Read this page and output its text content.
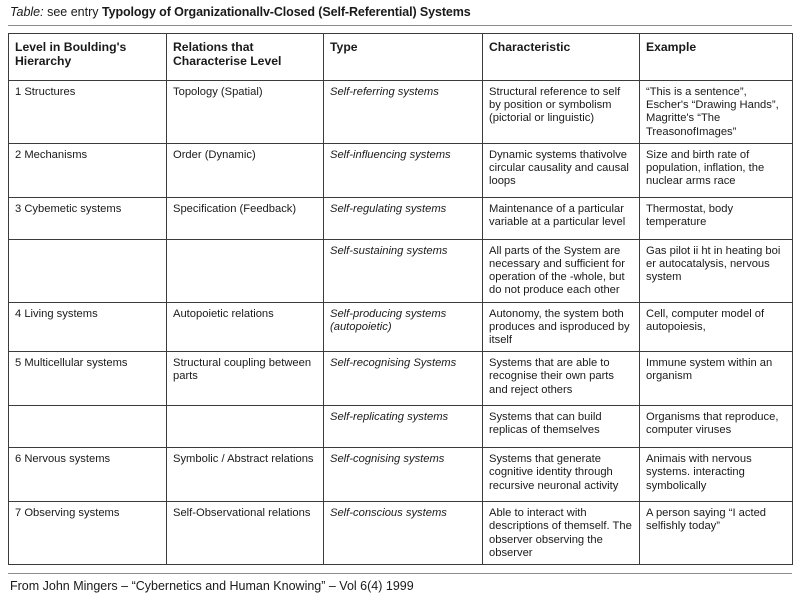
Table: see entry Typology of Organizationallv-Closed (Self-Referential) Systems
Level in Boulding's Hierarchy	Relations that Characterise Level	Type	Characteristic	Example
1 Structures	Topology (Spatial)	Self-referring systems	Structural reference to self by position or symbolism (pictorial or linguistic)	“This is a sentence”, Escher's “Drawing Hands”, Magritte's “The TreasonofImages”
2 Mechanisms	Order (Dynamic)	Self-influencing systems	Dynamic systems thativolve circular causality and causal loops	Size and birth rate of population, inflation, the nuclear arms race
3 Cybemetic systems	Specification (Feedback)	Self-regulating systems	Maintenance of a particular variable at a particular level	Thermostat, body temperature
		Self-sustaining systems	All parts of the System are necessary and sufficient for operation of the -whole, but do not produce each other	Gas pilot ii ht in heating boi er autocatalysis, nervous system
4 Living systems	Autopoietic relations	Self-producing systems (autopoietic)	Autonomy, the system both produces and isproduced by itself	Cell, computer model of autopoiesis,
5 Multicellular systems	Structural coupling between parts	Self-recognising Systems	Systems that are able to recognise their own parts and reject others	Immune system within an organism
		Self-replicating systems	Systems that can build replicas of themselves	Organisms that reproduce, computer viruses
6 Nervous systems	Symbolic / Abstract relations	Self-cognising systems	Systems that generate cognitive identity through recursive neuronal activity	Animais with nervous systems. interacting symbolically
7 Observing systems	Self-Observational relations	Self-conscious systems	Able to interact with descriptions of themself. The observer observing the observer	A person saying “I acted selfishly today”
From John Mingers – “Cybernetics and Human Knowing” – Vol 6(4) 1999
